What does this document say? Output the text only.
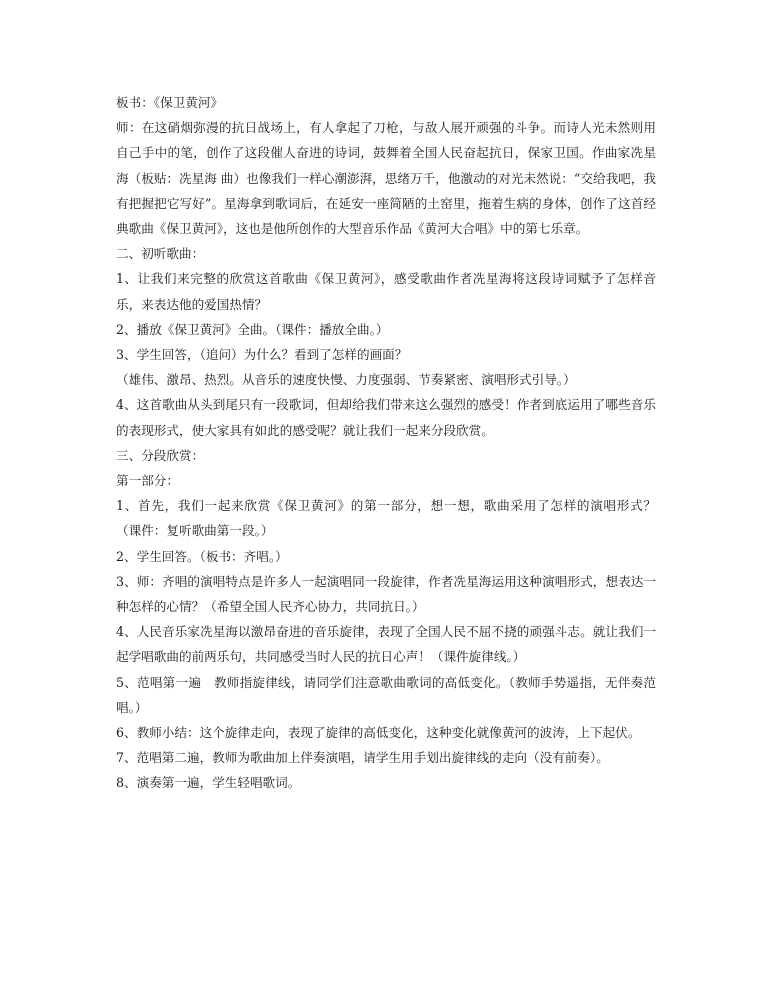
板书：《保卫黄河》

师：在这硝烟弥漫的抗日战场上，有人拿起了刀枪，与敌人展开顽强的斗争。而诗人光未然则用自己手中的笔，创作了这段催人奋进的诗词，鼓舞着全国人民奋起抗日，保家卫国。作曲家冼星海（板贴：冼星海 曲）也像我们一样心潮澎湃，思绪万千，他激动的对光未然说：“交给我吧，我有把握把它写好”。星海拿到歌词后，在延安一座简陋的土窑里，拖着生病的身体，创作了这首经典歌曲《保卫黄河》，这也是他所创作的大型音乐作品《黄河大合唱》中的第七乐章。

二、初听歌曲：

1、让我们来完整的欣赏这首歌曲《保卫黄河》，感受歌曲作者冼星海将这段诗词赋予了怎样音乐，来表达他的爱国热情？

2、播放《保卫黄河》全曲。（课件：播放全曲。）

3、学生回答，（追问）为什么？看到了怎样的画面？

（雄伟、激昂、热烈。从音乐的速度快慢、力度强弱、节奏紧密、演唱形式引导。）

4、这首歌曲从头到尾只有一段歌词，但却给我们带来这么强烈的感受！作者到底运用了哪些音乐的表现形式，使大家具有如此的感受呢？就让我们一起来分段欣赏。

三、分段欣赏：

第一部分：

1、首先，我们一起来欣赏《保卫黄河》的第一部分，想一想，歌曲采用了怎样的演唱形式？　（课件：复听歌曲第一段。）

2、学生回答。（板书：齐唱。）

3、师：齐唱的演唱特点是许多人一起演唱同一段旋律，作者冼星海运用这种演唱形式，想表达一种怎样的心情？（希望全国人民齐心协力，共同抗日。）

4、人民音乐家冼星海以激昂奋进的音乐旋律，表现了全国人民不屈不挠的顽强斗志。就让我们一起学唱歌曲的前两乐句，共同感受当时人民的抗日心声！（课件旋律线。）

5、范唱第一遍　教师指旋律线，请同学们注意歌曲歌词的高低变化。（教师手势遥指，无伴奏范唱。）

6、教师小结：这个旋律走向，表现了旋律的高低变化，这种变化就像黄河的波涛，上下起伏。

7、范唱第二遍，教师为歌曲加上伴奏演唱，请学生用手划出旋律线的走向（没有前奏）。

8、演奏第一遍，学生轻唱歌词。
